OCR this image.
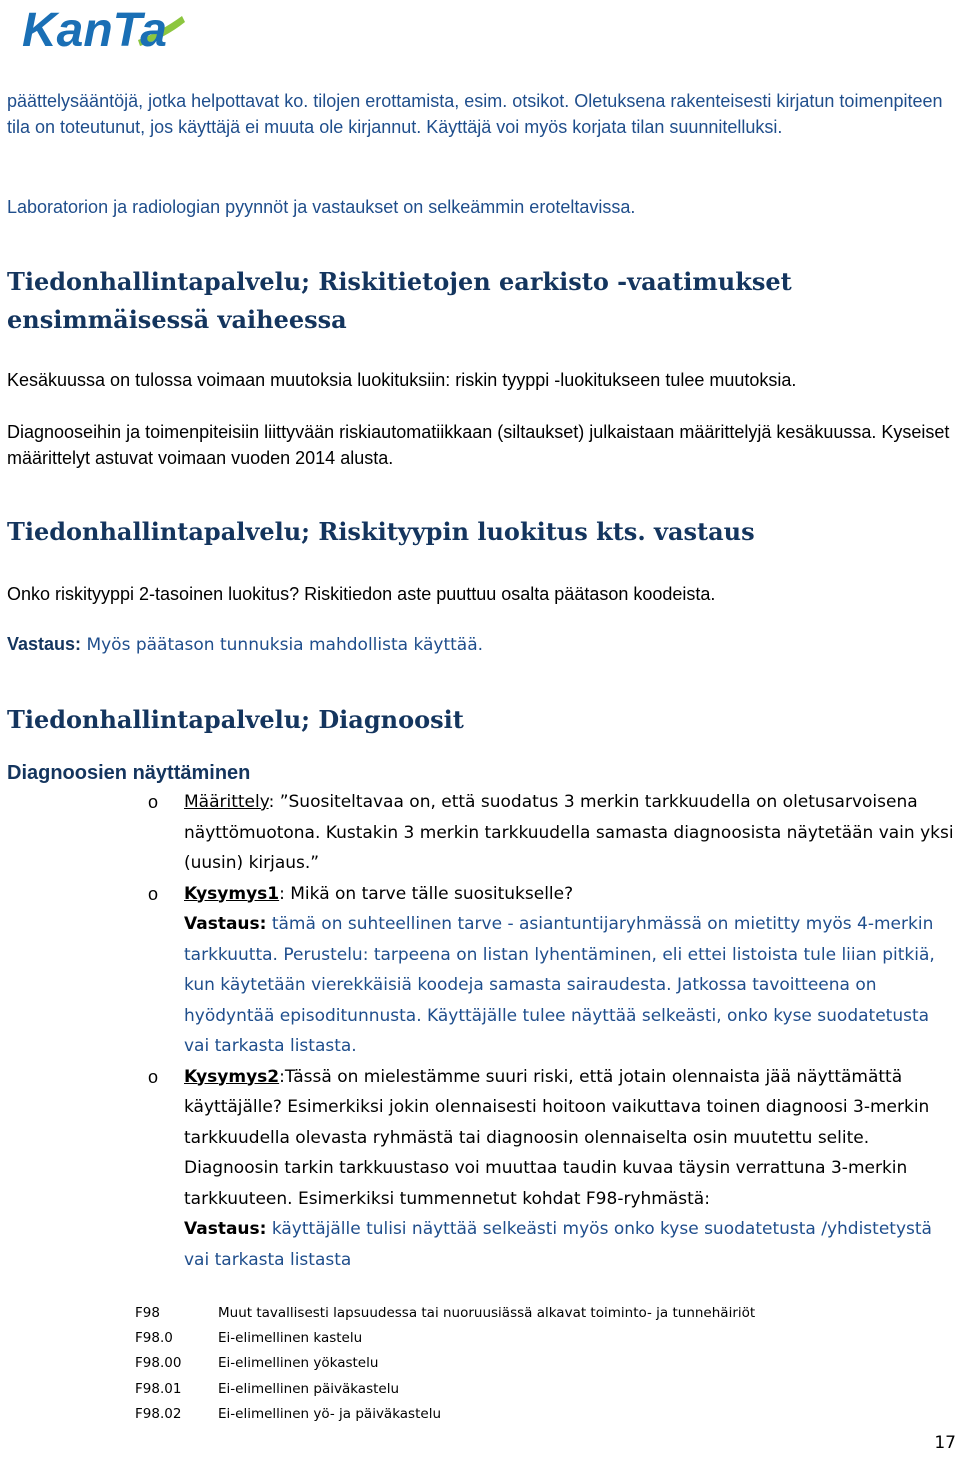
KanTa
päättelysääntöjä, jotka helpottavat ko. tilojen erottamista, esim. otsikot. Oletuksena rakenteisesti kirjatun toimenpiteen tila on toteutunut, jos käyttäjä ei muuta ole kirjannut. Käyttäjä voi myös korjata tilan suunnitelluksi.
Laboratorion ja radiologian pyynnöt ja vastaukset on selkeämmin eroteltavissa.
Tiedonhallintapalvelu; Riskitietojen earkisto -vaatimukset ensimmäisessä vaiheessa
Kesäkuussa on tulossa voimaan muutoksia luokituksiin: riskin tyyppi -luokitukseen tulee muutoksia.
Diagnooseihin ja toimenpiteisiin liittyvään riskiautomatiikkaan (siltaukset) julkaistaan määrittelyjä kesäkuussa. Kyseiset määrittelyt astuvat voimaan vuoden 2014 alusta.
Tiedonhallintapalvelu; Riskityypin luokitus kts. vastaus
Onko riskityyppi 2-tasoinen luokitus? Riskitiedon aste puuttuu osalta päätason koodeista.
Vastaus: Myös päätason tunnuksia mahdollista käyttää.
Tiedonhallintapalvelu; Diagnoosit
Diagnoosien näyttäminen
o Määrittely: ”Suositeltavaa on, että suodatus 3 merkin tarkkuudella on oletusarvoisena näyttömuotona. Kustakin 3 merkin tarkkuudella samasta diagnoosista näytetään vain yksi (uusin) kirjaus.”
o Kysymys1: Mikä on tarve tälle suositukselle?
Vastaus: tämä on suhteellinen tarve - asiantuntijaryhmässä on mietitty myös 4-merkin tarkkuutta. Perustelu: tarpeena on listan lyhentäminen, eli ettei listoista tule liian pitkiä, kun käytetään vierekkäisiä koodeja samasta sairaudesta. Jatkossa tavoitteena on hyödyntää episoditunnusta. Käyttäjälle tulee näyttää selkeästi, onko kyse suodatetusta vai tarkasta listasta.
o Kysymys2:Tässä on mielestämme suuri riski, että jotain olennaista jää näyttämättä käyttäjälle? Esimerkiksi jokin olennaisesti hoitoon vaikuttava toinen diagnoosi 3-merkin tarkkuudella olevasta ryhmästä tai diagnoosin olennaiselta osin muutettu selite. Diagnoosin tarkin tarkkuustaso voi muuttaa taudin kuvaa täysin verrattuna 3-merkin tarkkuuteen. Esimerkiksi tummennetut kohdat F98-ryhmästä:
Vastaus: käyttäjälle tulisi näyttää selkeästi myös onko kyse suodatetusta /yhdistetystä vai tarkasta listasta
F98	Muut tavallisesti lapsuudessa tai nuoruusiässä alkavat toiminto- ja tunnehäiriöt
F98.0	Ei-elimellinen kastelu
F98.00	Ei-elimellinen yökastelu
F98.01	Ei-elimellinen päiväkastelu
F98.02	Ei-elimellinen yö- ja päiväkastelu
17
